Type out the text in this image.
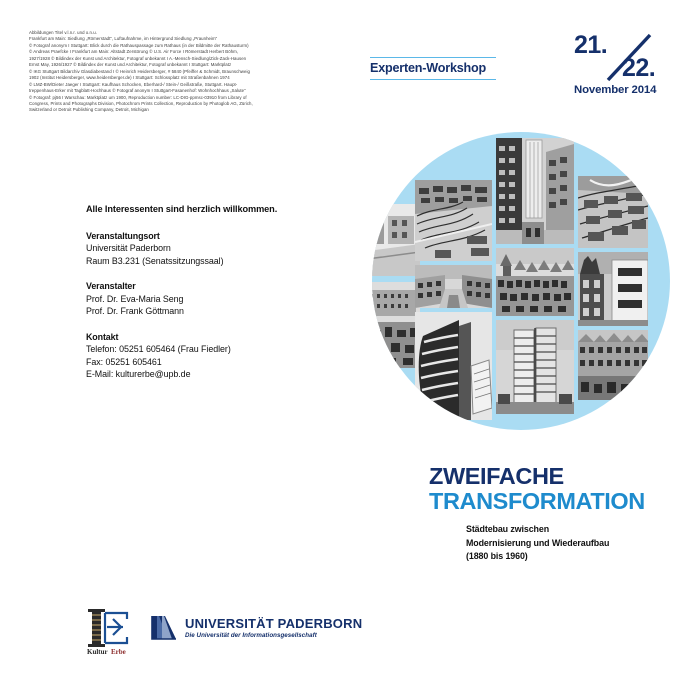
Abbildungen Titel v.l.n.r. und o.n.u.

Frankfurt am Main: Siedlung „Römerstadt“, Luftaufnahme, im Hintergrund Siedlung „Praunheim“

© Fotograf anonym I Stuttgart: Blick durch die Rathauspassage zum Rathaus (in der Bildmitte der Rathausturm)

© Andreas Praefcke I Frankfurt am Main: Altstadt Zerstörung © U.S. Air Force I Römerstadt Herbert Böhm,

1927/1928 © Bildindex der Kunst und Architektur, Fotograf unbekannt I A.-Mensch-Siedlung/Zick-Zack-Hausen

Ernst May, 1926/1927 © Bildindex der Kunst und Architektur, Fotograf unbekannt I Stuttgart: Marktplatz

© IKG Stuttgart Bildarchiv Glasdiabestand I © Heinrich Heidersberger, # 5840 (Pfeiffer & Schmidt, Braunschweig

1902 (Institut Heidersberger, www.heidersberger.de) I Stuttgart: Schlossplatz mit Straßenbahnen 1974

© LMZ-BW/Dieter Jaeger I Stuttgart: Kaufhaus Schocken, Eberhard-/ Stein-/ Geißstraße, Stuttgart. Haupt-

treppenhaus-Erker mit Tagblatt-Hochhaus © Fotograf anonym I Stuttgart-Fasanenhof: Wohnhochhaus „Salute“

© Fotograf: pj56 I Warschau: Marktplatz um 1900, Reproduction number: LC-DIG-ppmsc-03910 from Library of

Congress, Prints and Photographs Division, Photochrom Prints Collection, Reproduction by Photoglob AG, Zürich,

Switzerland or Detroit Publishing Company, Detroit, Michigan

Experten-Workshop
21.
22.
November 2014

Alle Interessenten sind herzlich willkommen.

Veranstaltungsort

Universität Paderborn

Raum B3.231 (Senatssitzungssaal)

Veranstalter

Prof. Dr. Eva-Maria Seng

Prof. Dr. Frank Göttmann

Kontakt

Telefon: 05251 605464 (Frau Fiedler)

Fax: 05251 605461

E-Mail: kulturerbe@upb.de

ZWEIFACHE

TRANSFORMATION

Städtebau zwischen

Modernisierung und Wiederaufbau

(1880 bis 1960)

Kultur Erbe
UNIVERSITÄT PADERBORN
Die Universität der Informationsgesellschaft
